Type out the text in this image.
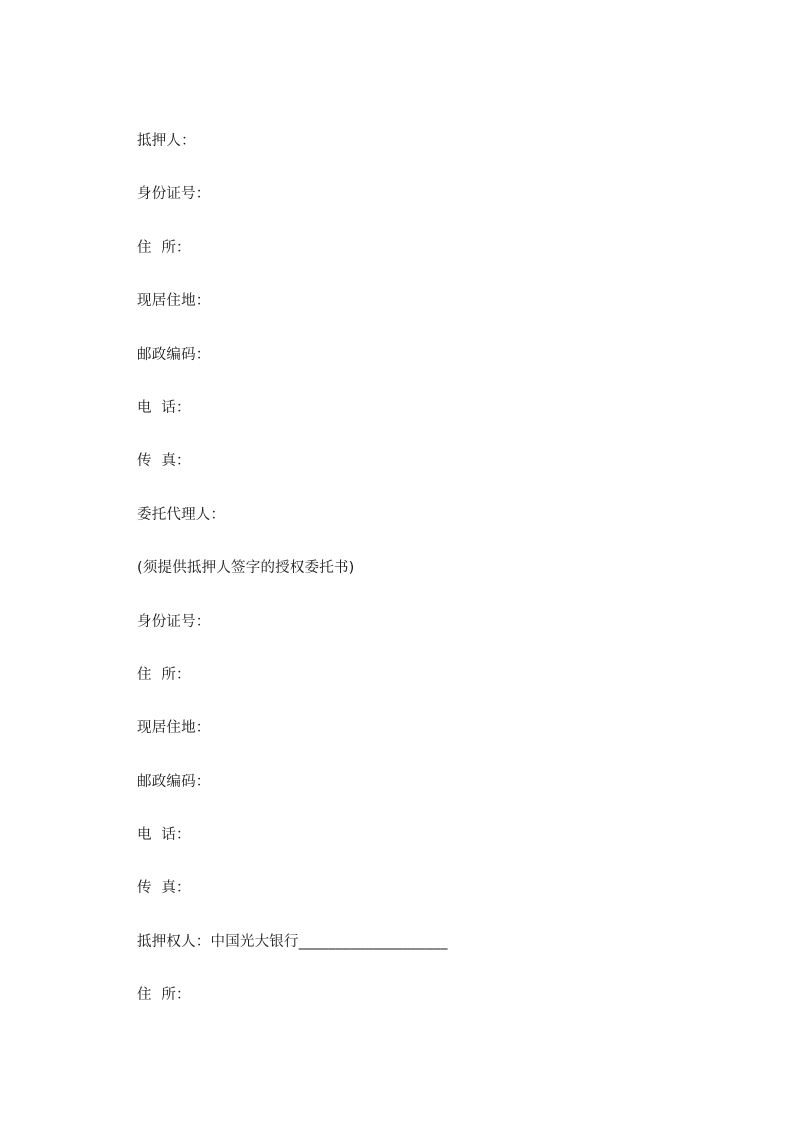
抵押人：
身份证号：
住  所：
现居住地：
邮政编码：
电  话：
传  真：
委托代理人：
(须提供抵押人签字的授权委托书)
身份证号：
住  所：
现居住地：
邮政编码：
电  话：
传  真：
抵押权人：中国光大银行____________________
住  所：
